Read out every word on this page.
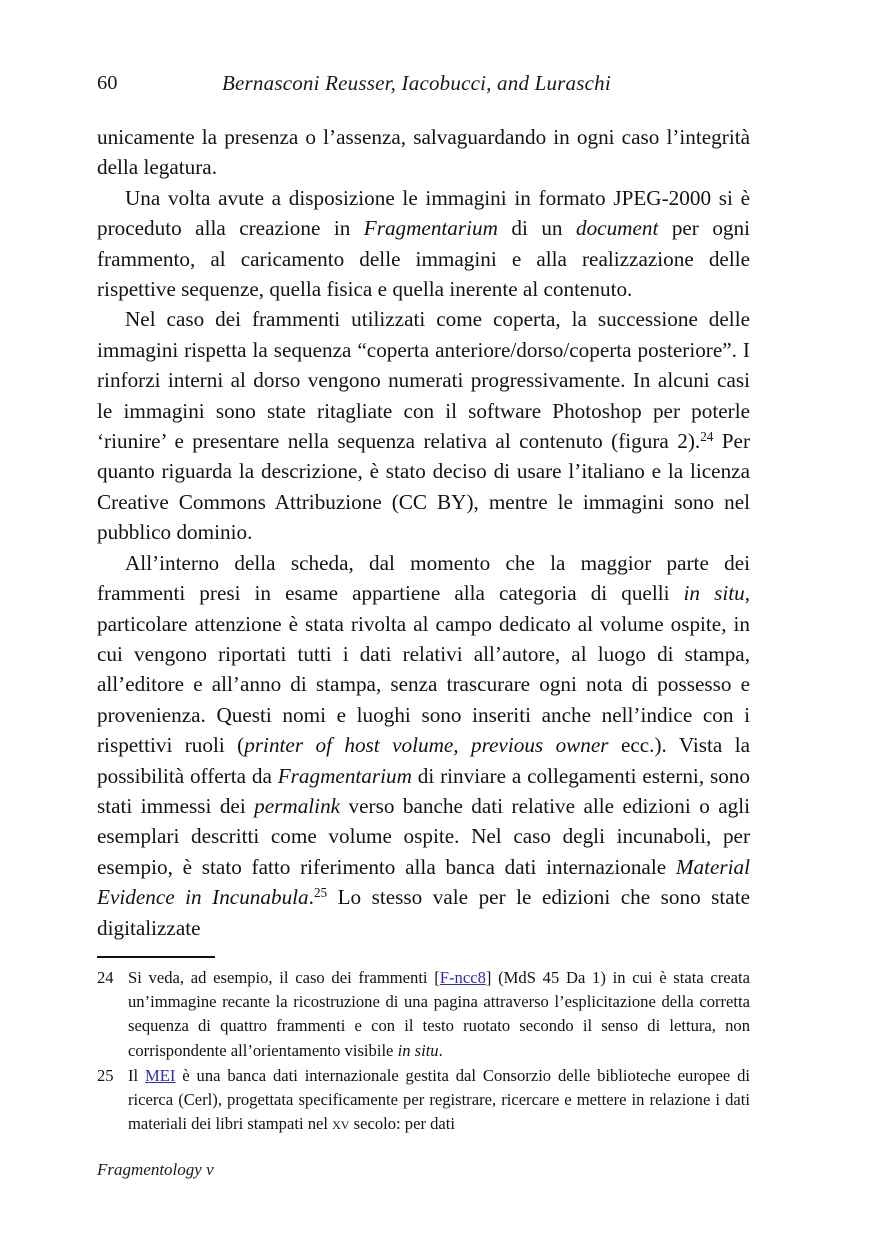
60	Bernasconi Reusser, Iacobucci, and Luraschi

unicamente la presenza o l’assenza, salvaguardando in ogni caso l’integrità della legatura.

Una volta avute a disposizione le immagini in formato JPEG-2000 si è proceduto alla creazione in Fragmentarium di un document per ogni frammento, al caricamento delle immagini e alla realizzazione delle rispettive sequenze, quella fisica e quella inerente al contenuto.

Nel caso dei frammenti utilizzati come coperta, la successione delle immagini rispetta la sequenza “coperta anteriore/dorso/coperta posteriore”. I rinforzi interni al dorso vengono numerati progressivamente. In alcuni casi le immagini sono state ritagliate con il software Photoshop per poterle ‘riunire’ e presentare nella sequenza relativa al contenuto (figura 2).$^{24}$ Per quanto riguarda la descrizione, è stato deciso di usare l’italiano e la licenza Creative Commons Attribuzione (CC BY), mentre le immagini sono nel pubblico dominio.

All’interno della scheda, dal momento che la maggior parte dei frammenti presi in esame appartiene alla categoria di quelli in situ, particolare attenzione è stata rivolta al campo dedicato al volume ospite, in cui vengono riportati tutti i dati relativi all’autore, al luogo di stampa, all’editore e all’anno di stampa, senza trascurare ogni nota di possesso e provenienza. Questi nomi e luoghi sono inseriti anche nell’indice con i rispettivi ruoli (printer of host volume, previous owner ecc.). Vista la possibilità offerta da Fragmentarium di rinviare a collegamenti esterni, sono stati immessi dei permalink verso banche dati relative alle edizioni o agli esemplari descritti come volume ospite. Nel caso degli incunaboli, per esempio, è stato fatto riferimento alla banca dati internazionale Material Evidence in Incunabula.$^{25}$ Lo stesso vale per le edizioni che sono state digitalizzate

24 Si veda, ad esempio, il caso dei frammenti [F-ncc8] (MdS 45 Da 1) in cui è stata creata un’immagine recante la ricostruzione di una pagina attraverso l’esplicitazione della corretta sequenza di quattro frammenti e con il testo ruotato secondo il senso di lettura, non corrispondente all’orientamento visibile in situ.
25 Il MEI è una banca dati internazionale gestita dal Consorzio delle biblioteche europee di ricerca (Cerl), progettata specificamente per registrare, ricercare e mettere in relazione i dati materiali dei libri stampati nel xv secolo: per dati
Fragmentology v
